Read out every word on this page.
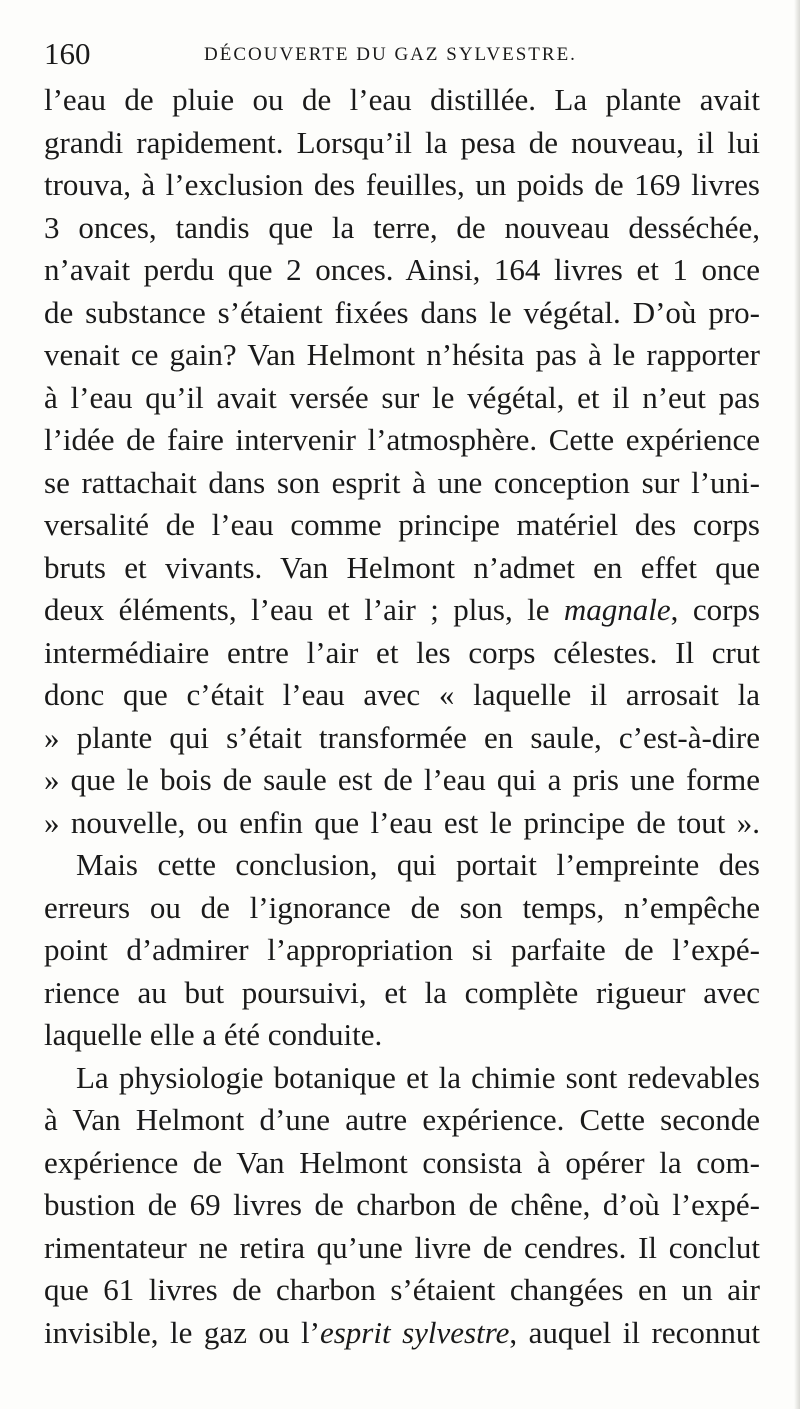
160	DÉCOUVERTE DU GAZ SYLVESTRE.
l’eau de pluie ou de l’eau distillée. La plante avait
grandi rapidement. Lorsqu’il la pesa de nouveau, il lui
trouva, à l’exclusion des feuilles, un poids de 169 livres
3 onces, tandis que la terre, de nouveau desséchée,
n’avait perdu que 2 onces. Ainsi, 164 livres et 1 once
de substance s’étaient fixées dans le végétal. D’où pro-
venait ce gain? Van Helmont n’hésita pas à le rapporter
à l’eau qu’il avait versée sur le végétal, et il n’eut pas
l’idée de faire intervenir l’atmosphère. Cette expérience
se rattachait dans son esprit à une conception sur l’uni-
versalité de l’eau comme principe matériel des corps
bruts et vivants. Van Helmont n’admet en effet que
deux éléments, l’eau et l’air ; plus, le magnale, corps
intermédiaire entre l’air et les corps célestes. Il crut
donc que c’était l’eau avec « laquelle il arrosait la
» plante qui s’était transformée en saule, c’est-à-dire
» que le bois de saule est de l’eau qui a pris une forme
» nouvelle, ou enfin que l’eau est le principe de tout ».
Mais cette conclusion, qui portait l’empreinte des
erreurs ou de l’ignorance de son temps, n’empêche
point d’admirer l’appropriation si parfaite de l’expé-
rience au but poursuivi, et la complète rigueur avec
laquelle elle a été conduite.
La physiologie botanique et la chimie sont redevables
à Van Helmont d’une autre expérience. Cette seconde
expérience de Van Helmont consista à opérer la com-
bustion de 69 livres de charbon de chêne, d’où l’expé-
rimentateur ne retira qu’une livre de cendres. Il conclut
que 61 livres de charbon s’étaient changées en un air
invisible, le gaz ou l’esprit sylvestre, auquel il reconnut
